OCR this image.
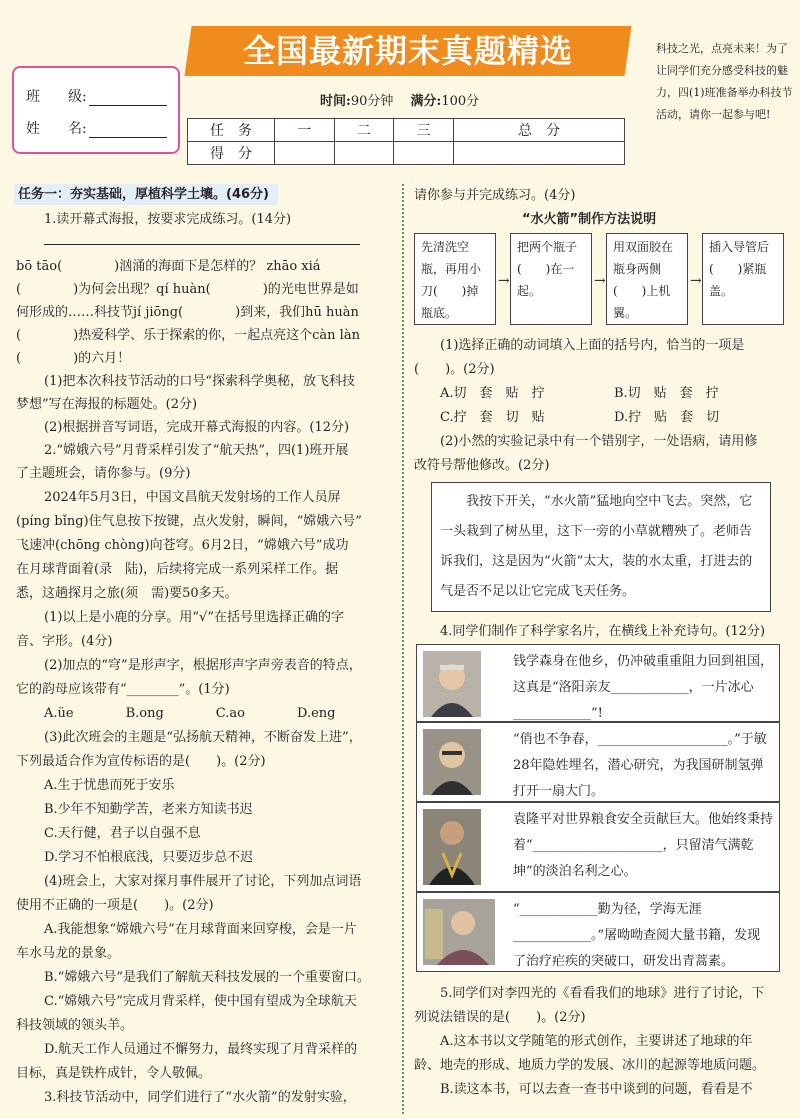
全国最新期末真题精选
班　　级:
姓　　名:
科技之光，点亮未来！为了让同学们充分感受科技的魅力，四(1)班准备举办科技节活动，请你一起参与吧!
时间:90分钟　 满分:100分
任　务	一	二	三	总　分
得　分				
任务一：夯实基础，厚植科学土壤。(46分)
1.读开幕式海报，按要求完成练习。(14分)
bō tāo(　　　　)汹涌的海面下是怎样的？ zhāo xiá
(　　　　)为何会出现？qí huàn(　　　　)的光电世界是如
何形成的……科技节jí jiōng(　　　　)到来，我们hū huàn
(　　　　)热爱科学、乐于探索的你，一起点亮这个càn làn
(　　　　)的六月！
(1)把本次科技节活动的口号“探索科学奥秘，放飞科技
梦想”写在海报的标题处。(2分)
(2)根据拼音写词语，完成开幕式海报的内容。(12分)
2.“嫦娥六号”月背采样引发了“航天热”，四(1)班开展
了主题班会，请你参与。(9分)
2024年5月3日，中国文昌航天发射场的工作人员屏
(píng bǐng)住气息按下按键，点火发射，瞬间，“嫦娥六号”
飞速冲(chōng chòng)向苍穹。6月2日，“嫦娥六号”成功
在月球背面着(录　陆)，后续将完成一系列采样工作。据
悉，这趟探月之旅(须　需)要50多天。
(1)以上是小鹿的分享。用“√”在括号里选择正确的字
音、字形。(4分)
(2)加点的“穹”是形声字，根据形声字声旁表音的特点，
它的韵母应该带有“________”。(1分)
A.üe　　　　B.ong　　　　C.ao　　　　D.eng
(3)此次班会的主题是“弘扬航天精神，不断奋发上进”，
下列最适合作为宣传标语的是(　　)。(2分)
A.生于忧患而死于安乐
B.少年不知勤学苦，老来方知读书迟
C.天行健，君子以自强不息
D.学习不怕根底浅，只要迈步总不迟
(4)班会上，大家对探月事件展开了讨论，下列加点词语
使用不正确的一项是(　　)。(2分)
A.我能想象“嫦娥六号”在月球背面来回穿梭，会是一片
车水马龙的景象。
B.“嫦娥六号”是我们了解航天科技发展的一个重要窗口。
C.“嫦娥六号”完成月背采样，使中国有望成为全球航天
科技领域的领头羊。
D.航天工作人员通过不懈努力，最终实现了月背采样的
目标，真是铁杵成针，令人敬佩。
3.科技节活动中，同学们进行了“水火箭”的发射实验，
请你参与并完成练习。(4分)
“水火箭”制作方法说明
先清洗空瓶，再用小刀(　　)掉瓶底。
→
把两个瓶子(　　)在一起。
→
用双面胶在瓶身两侧(　　)上机翼。
→
插入导管后(　　)紧瓶盖。
(1)选择正确的动词填入上面的括号内，恰当的一项是
(　　)。(2分)
A.切　套　贴　拧	B.切　贴　套　拧
C.拧　套　切　贴	D.拧　贴　套　切
(2)小然的实验记录中有一个错别字，一处语病，请用修
改符号帮他修改。(2分)
　　我按下开关，“水火箭”猛地向空中飞去。突然，它一头栽到了树丛里，这下一旁的小草就糟殃了。老师告诉我们，这是因为“火箭”太大，装的水太重，打进去的气是否不足以让它完成飞天任务。
4.同学们制作了科学家名片，在横线上补充诗句。(12分)
钱学森身在他乡，仍冲破重重阻力回到祖国，这真是“洛阳亲友____________，一片冰心____________”!
“俏也不争春，____________________。”于敏28年隐姓埋名，潜心研究，为我国研制氢弹打开一扇大门。
袁隆平对世界粮食安全贡献巨大。他始终秉持着“____________________，只留清气满乾坤”的淡泊名利之心。
“____________勤为径，学海无涯____________。”屠呦呦查阅大量书籍，发现了治疗疟疾的突破口，研发出青蒿素。
5.同学们对李四光的《看看我们的地球》进行了讨论，下
列说法错误的是(　　)。(2分)
A.这本书以文学随笔的形式创作，主要讲述了地球的年
龄、地壳的形成、地质力学的发展、冰川的起源等地质问题。
B.读这本书，可以去查一查书中谈到的问题，看看是不
